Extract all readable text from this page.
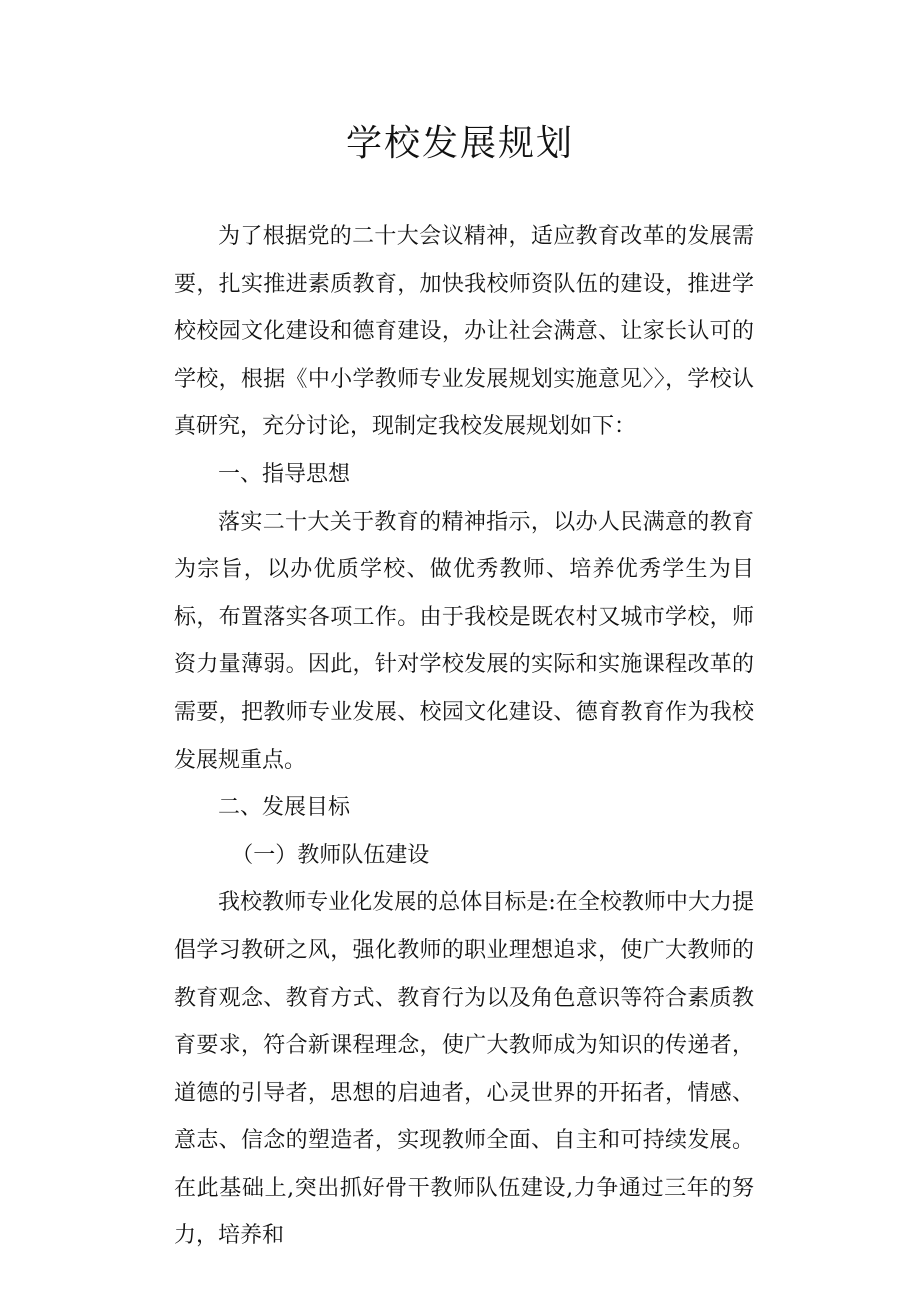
学校发展规划

为了根据党的二十大会议精神，适应教育改革的发展需要，扎实推进素质教育，加快我校师资队伍的建设，推进学校校园文化建设和德育建设，办让社会满意、让家长认可的学校，根据《中小学教师专业发展规划实施意见〉〉，学校认真研究，充分讨论，现制定我校发展规划如下：

一、指导思想

落实二十大关于教育的精神指示，以办人民满意的教育为宗旨，以办优质学校、做优秀教师、培养优秀学生为目标，布置落实各项工作。由于我校是既农村又城市学校，师资力量薄弱。因此，针对学校发展的实际和实施课程改革的需要，把教师专业发展、校园文化建设、德育教育作为我校发展规重点。

二、发展目标

（一）教师队伍建设

我校教师专业化发展的总体目标是:在全校教师中大力提倡学习教研之风，强化教师的职业理想追求，使广大教师的教育观念、教育方式、教育行为以及角色意识等符合素质教育要求，符合新课程理念，使广大教师成为知识的传递者，道德的引导者，思想的启迪者，心灵世界的开拓者，情感、意志、信念的塑造者，实现教师全面、自主和可持续发展。在此基础上,突出抓好骨干教师队伍建设,力争通过三年的努力，培养和
